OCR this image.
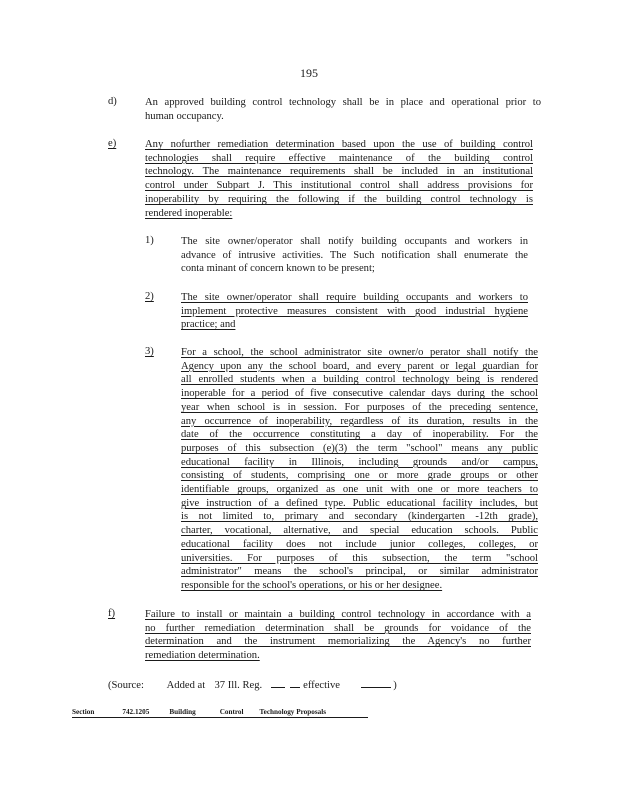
195
d)	An approved building control technology shall be in place and operational prior to
human occupancy.
e)	Any nofurther remediation determination based upon the use of building control
technologies shall require effective maintenance of the building control
technology. The maintenance requirements shall be included in an institutional
control under Subpart J. This institutional control shall address provisions for
inoperability by requiring the following if the building control technology is
rendered inoperable:
1)	The site owner/operator shall notify building occupants and workers in
advance of intrusive activities. The Such notification shall enumerate the
conta minant of concern known to be present;
2)	The site owner/operator shall require building occupants and workers to
implement protective measures consistent with good industrial hygiene
practice; and
3)	For a school, the school administrator site owner/o perator shall notify the
Agency upon any the school board, and every parent or legal guardian for
all enrolled students when a building control technology being is rendered
inoperable for a period of five consecutive calendar days during the school
year when school is in session. For purposes of the preceding sentence,
any occurrence of inoperability, regardless of its duration, results in the
date of the occurrence constituting a day of inoperability. For the
purposes of this subsection (e)(3) the term "school" means any public
educational facility in Illinois, including grounds and/or campus,
consisting of students, comprising one or more grade groups or other
identifiable groups, organized as one unit with one or more teachers to
give instruction of a defined type. Public educational facility includes, but
is not limited to, primary and secondary (kindergarten -12th grade),
charter, vocational, alternative, and special education schools. Public
educational facility does not include junior colleges, colleges, or
universities. For purposes of this subsection, the term "school
administrator" means the school's principal, or similar administrator
responsible for the school's operations, or his or her designee.
f)	Failure to install or maintain a building control technology in accordance with a
no further remediation determination shall be grounds for voidance of the
determination and the instrument memorializing the Agency's no further
remediation determination.
(Source: Added at 37 Ill. Reg.	effective	)
Section	742.1205	Building	Control Technology Proposals
